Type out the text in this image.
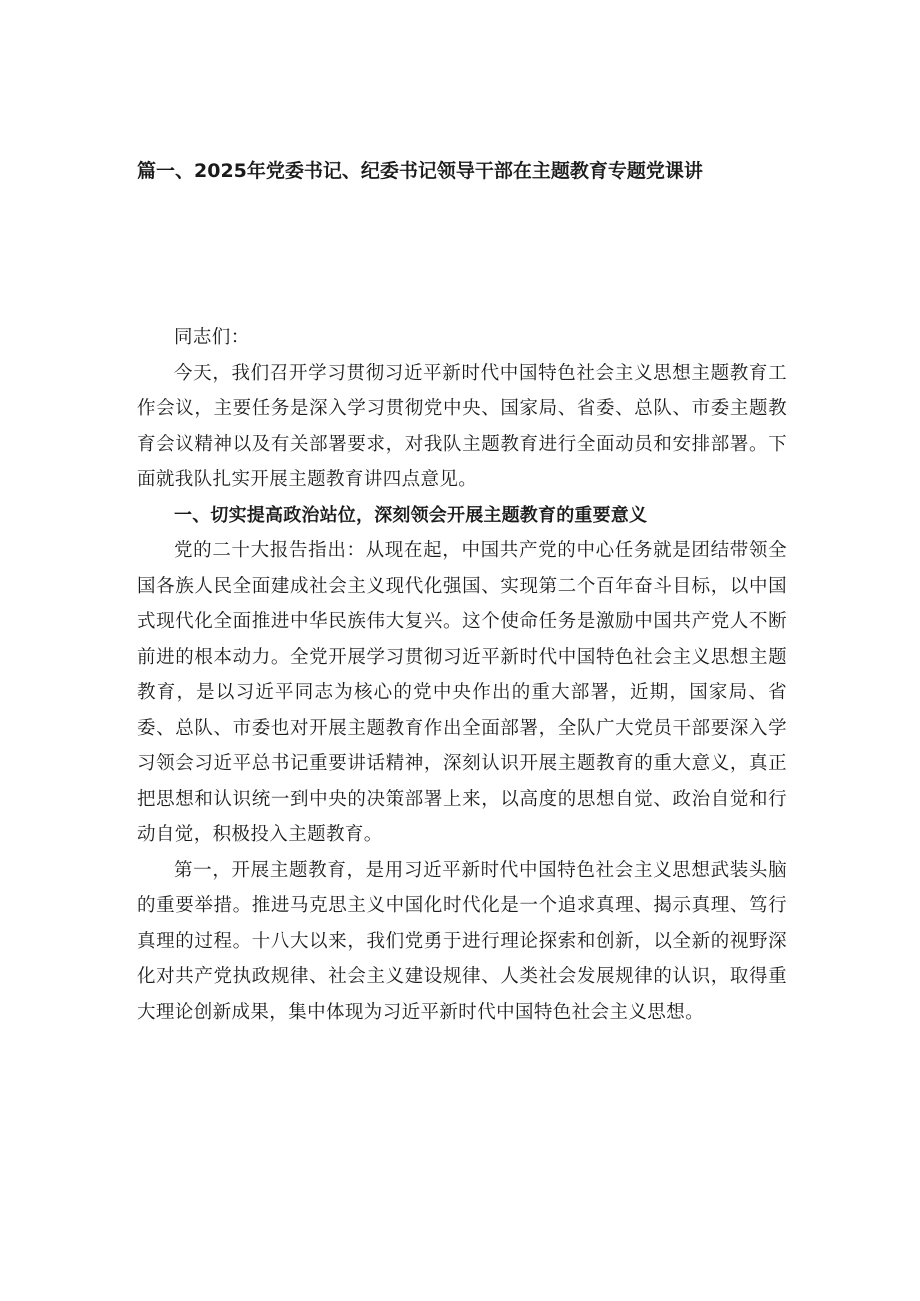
篇一、2025年党委书记、纪委书记领导干部在主题教育专题党课讲

同志们：

今天，我们召开学习贯彻习近平新时代中国特色社会主义思想主题教育工作会议，主要任务是深入学习贯彻党中央、国家局、省委、总队、市委主题教育会议精神以及有关部署要求，对我队主题教育进行全面动员和安排部署。下面就我队扎实开展主题教育讲四点意见。

一、切实提高政治站位，深刻领会开展主题教育的重要意义

党的二十大报告指出：从现在起，中国共产党的中心任务就是团结带领全国各族人民全面建成社会主义现代化强国、实现第二个百年奋斗目标，以中国式现代化全面推进中华民族伟大复兴。这个使命任务是激励中国共产党人不断前进的根本动力。全党开展学习贯彻习近平新时代中国特色社会主义思想主题教育，是以习近平同志为核心的党中央作出的重大部署，近期，国家局、省委、总队、市委也对开展主题教育作出全面部署，全队广大党员干部要深入学习领会习近平总书记重要讲话精神，深刻认识开展主题教育的重大意义，真正把思想和认识统一到中央的决策部署上来，以高度的思想自觉、政治自觉和行动自觉，积极投入主题教育。

第一，开展主题教育，是用习近平新时代中国特色社会主义思想武装头脑的重要举措。推进马克思主义中国化时代化是一个追求真理、揭示真理、笃行真理的过程。十八大以来，我们党勇于进行理论探索和创新，以全新的视野深化对共产党执政规律、社会主义建设规律、人类社会发展规律的认识，取得重大理论创新成果，集中体现为习近平新时代中国特色社会主义思想。
